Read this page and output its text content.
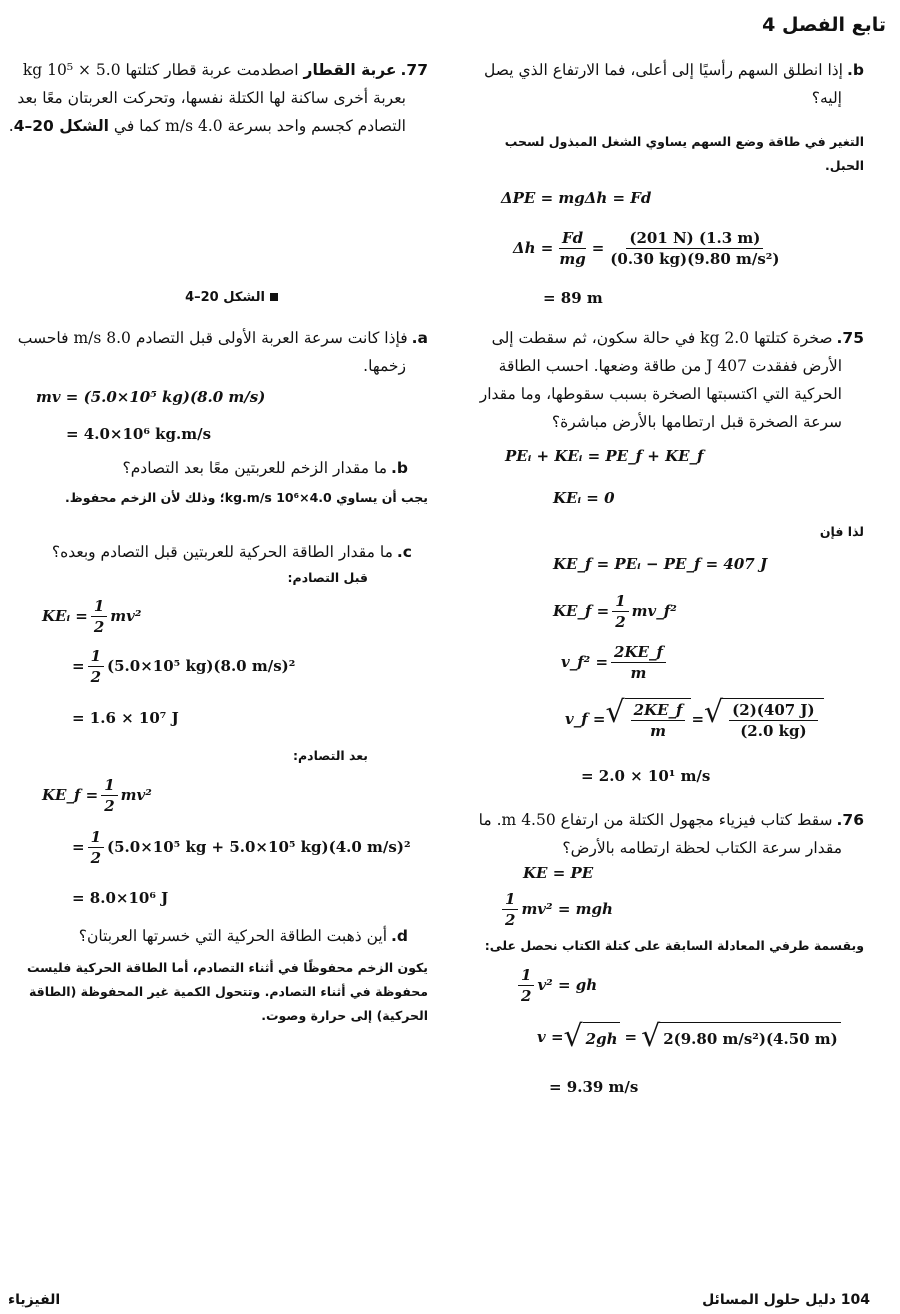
تابع الفصل 4
b.إذا انطلق السهم رأسيًا إلى أعلى، فما الارتفاع الذي يصل إليه؟
التغير في طاقة وضع السهم يساوي الشغل المبذول لسحب الحبل.
ΔPE = mgΔh = Fd
$\Delta h = \frac{Fd}{mg} = \frac{(201 N) (1.3 m)}{\text{(0.30 kg)(9.80 m/s²)}}$
= 89 m
75.صخرة كتلتها 2.0 kg في حالة سكون، ثم سقطت إلى الأرض ففقدت 407 J من طاقة وضعها. احسب الطاقة الحركية التي اكتسبتها الصخرة بسبب سقوطها، وما مقدار سرعة الصخرة قبل ارتطامها بالأرض مباشرة؟
PEᵢ + KEᵢ = PE_f + KE_f
KEᵢ = 0
لذا فإن
KE_f = PEᵢ − PE_f = 407 J
KE_f = $\frac{1}{2}$ mv_f²
v_f² = $\frac{2KE\_f}{m}$
v_f = √ $\frac{2KE\_f}{m}$ = √ $\frac{(2)(407 J)}{(2.0 kg)}$
= 2.0 × 10¹ m/s
76.سقط كتاب فيزياء مجهول الكتلة من ارتفاع 4.50 m. ما مقدار سرعة الكتاب لحظة ارتطامه بالأرض؟
KE = PE
$\frac{1}{2} mv^2$ = mgh
وبقسمة طرفي المعادلة السابقة على كتلة الكتاب نحصل على:
$\frac{1}{2} v^2$ = gh
v = √ 2gh = √ 2(9.80 m/s²)(4.50 m)
= 9.39 m/s
77.عربة القطار اصطدمت عربة قطار كتلتها 5.0 × 10⁵ kg بعربة أخرى ساكنة لها الكتلة نفسها، وتحركت العربتان معًا بعد التصادم كجسم واحد بسرعة 4.0 m/s كما في الشكل 20–4.
الشكل 20–4
a.فإذا كانت سرعة العربة الأولى قبل التصادم 8.0 m/s فاحسب زخمها.
mv = (5.0×10⁵ kg)(8.0 m/s)
= 4.0×10⁶ kg.m/s
b.ما مقدار الزخم للعربتين معًا بعد التصادم؟
يجب أن يساوي 4.0×10⁶ kg.m/s؛ وذلك لأن الزخم محفوظ.
c.ما مقدار الطاقة الحركية للعربتين قبل التصادم وبعده؟
قبل التصادم:
KEᵢ = $\frac{1}{2} mv^2$
= $\frac{1}{2} (5.0\times 10^5$ kg)(8.0 m/s)²
= 1.6 × 10⁷ J
بعد التصادم:
KE_f = $\frac{1}{2} mv^2$
= $\frac{1}{2} (5.0\times 10^5$ kg + 5.0×10⁵ kg)(4.0 m/s)²
= 8.0×10⁶ J
d.أين ذهبت الطاقة الحركية التي خسرتها العربتان؟
يكون الزخم محفوظًا في أثناء التصادم، أما الطاقة الحركية فليست محفوظة في أثناء التصادم. وتتحول الكمية غير المحفوظة (الطاقة الحركية) إلى حرارة وصوت.
الفيزياء	104 دليل حلول المسائل
